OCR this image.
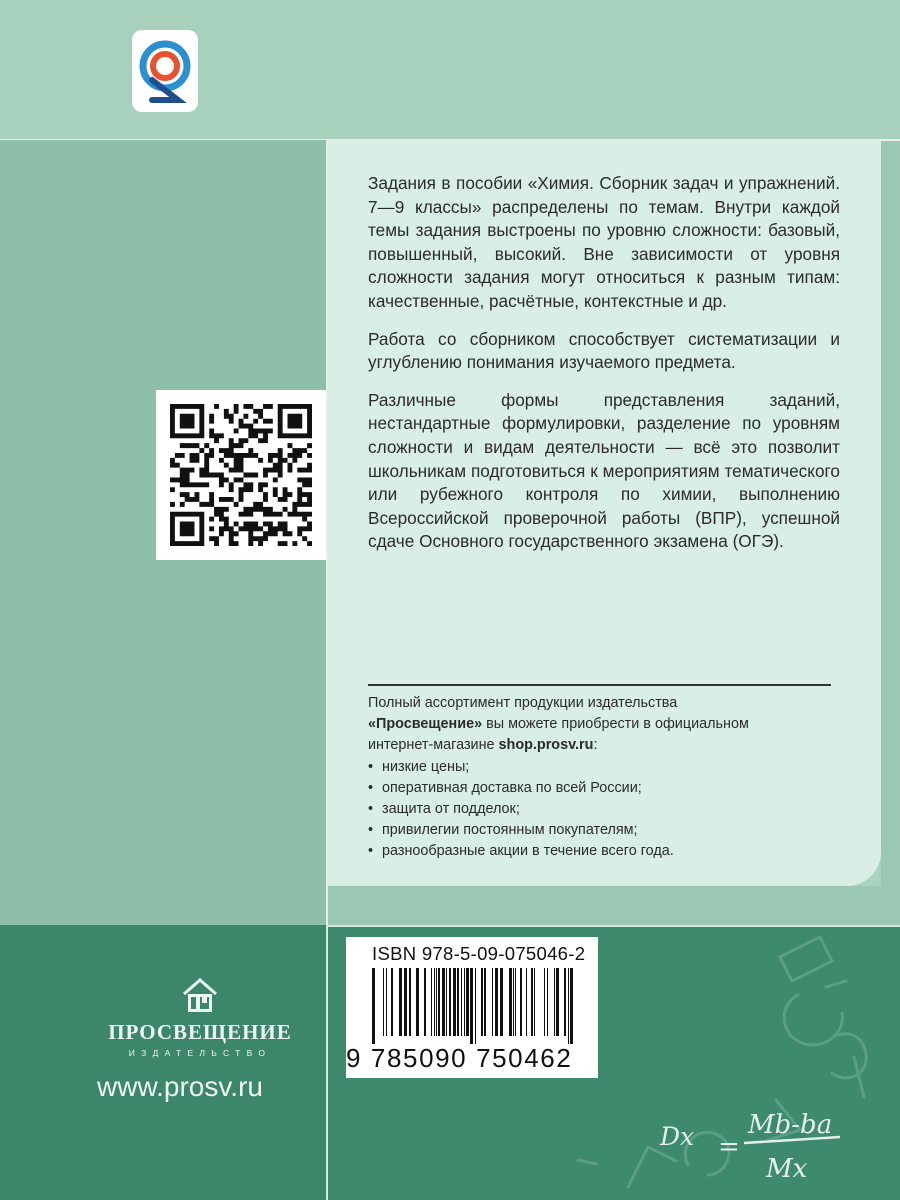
Задания в пособии «Химия. Сборник задач и упражнений. 7—9 классы» распределены по темам. Внутри каждой темы задания выстроены по уровню сложности: базовый, повышенный, высокий. Вне зависимости от уровня сложности задания могут относиться к разным типам: качественные, расчётные, контекстные и др.

Работа со сборником способствует систематизации и углублению понимания изучаемого предмета.

Различные формы представления заданий, нестандартные формулировки, разделение по уровням сложности и видам деятельности — всё это позволит школьникам подготовиться к мероприятиям тематического или рубежного контроля по химии, выполнению Всероссийской проверочной работы (ВПР), успешной сдаче Основного государственного экзамена (ОГЭ).

Полный ассортимент продукции издательства
«Просвещение» вы можете приобрести в официальном
интернет-магазине shop.prosv.ru:
• низкие цены;
• оперативная доставка по всей России;
• защита от подделок;
• привилегии постоянным покупателям;
• разнообразные акции в течение всего года.
Dx =
Mb-ba
Mx
ПРОСВЕЩЕНИЕ
ИЗДАТЕЛЬСТВО
www.prosv.ru
ISBN 978-5-09-075046-2
9 785090 750462
